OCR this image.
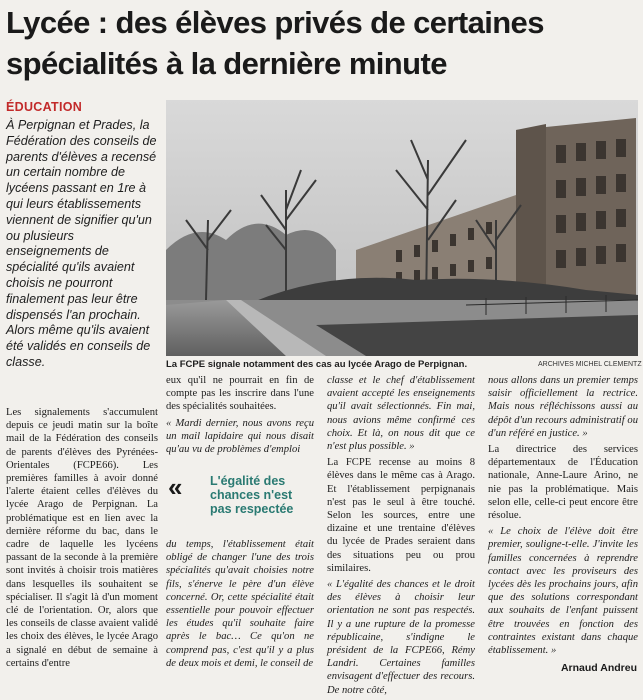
Lycée : des élèves privés de certaines
spécialités à la dernière minute
ÉDUCATION
À Perpignan et Prades, la Fédération des conseils de parents d'élèves a recensé un certain nombre de lycéens passant en 1re à qui leurs établissements viennent de signifier qu'un ou plusieurs enseignements de spécialité qu'ils avaient choisis ne pourront finalement pas leur être dispensés l'an prochain. Alors même qu'ils avaient été validés en conseils de classe.	La FCPE signale notamment des cas au lycée Arago de Perpignan.	ARCHIVES MICHEL CLEMENTZ

Les signalements s'accumulent depuis ce jeudi matin sur la boîte mail de la Fédération des conseils de parents d'élèves des Pyrénées-Orientales (FCPE66). Les premières familles à avoir donné l'alerte étaient celles d'élèves du lycée Arago de Perpignan. La problématique est en lien avec la dernière réforme du bac, dans le cadre de laquelle les lycéens passant de la seconde à la première sont invités à choisir trois matières dans lesquelles ils souhaitent se spécialiser. Il s'agit là d'un moment clé de l'orientation. Or, alors que les conseils de classe avaient validé les choix des élèves, le lycée Arago a signalé en début de semaine à certains d'entre

eux qu'il ne pourrait en fin de compte pas les inscrire dans l'une des spécialités souhaitées.

« Mardi dernier, nous avons reçu un mail lapidaire qui nous disait qu'au vu de problèmes d'emploi

« L'égalité des chances n'est pas respectée

du temps, l'établissement était obligé de changer l'une des trois spécialités qu'avait choisies notre fils, s'énerve le père d'un élève concerné. Or, cette spécialité était essentielle pour pouvoir effectuer les études qu'il souhaite faire après le bac… Ce qu'on ne comprend pas, c'est qu'il y a plus de deux mois et demi, le conseil de

classe et le chef d'établissement avaient accepté les enseignements qu'il avait sélectionnés. Fin mai, nous avions même confirmé ces choix. Et là, on nous dit que ce n'est plus possible. »

La FCPE recense au moins 8 élèves dans le même cas à Arago. Et l'établissement perpignanais n'est pas le seul à être touché. Selon les sources, entre une dizaine et une trentaine d'élèves du lycée de Prades seraient dans des situations peu ou prou similaires.

« L'égalité des chances et le droit des élèves à choisir leur orientation ne sont pas respectés. Il y a une rupture de la promesse républicaine, s'indigne le président de la FCPE66, Rémy Landri. Certaines familles envisagent d'effectuer des recours. De notre côté,

nous allons dans un premier temps saisir officiellement la rectrice. Mais nous réfléchissons aussi au dépôt d'un recours administratif ou d'un référé en justice. »

La directrice des services départementaux de l'Éducation nationale, Anne-Laure Arino, ne nie pas la problématique. Mais selon elle, celle-ci peut encore être résolue.

« Le choix de l'élève doit être premier, souligne-t-elle. J'invite les familles concernées à reprendre contact avec les proviseurs des lycées dès les prochains jours, afin que des solutions correspondant aux souhaits de l'enfant puissent être trouvées en fonction des contraintes existant dans chaque établissement. »

Arnaud Andreu
